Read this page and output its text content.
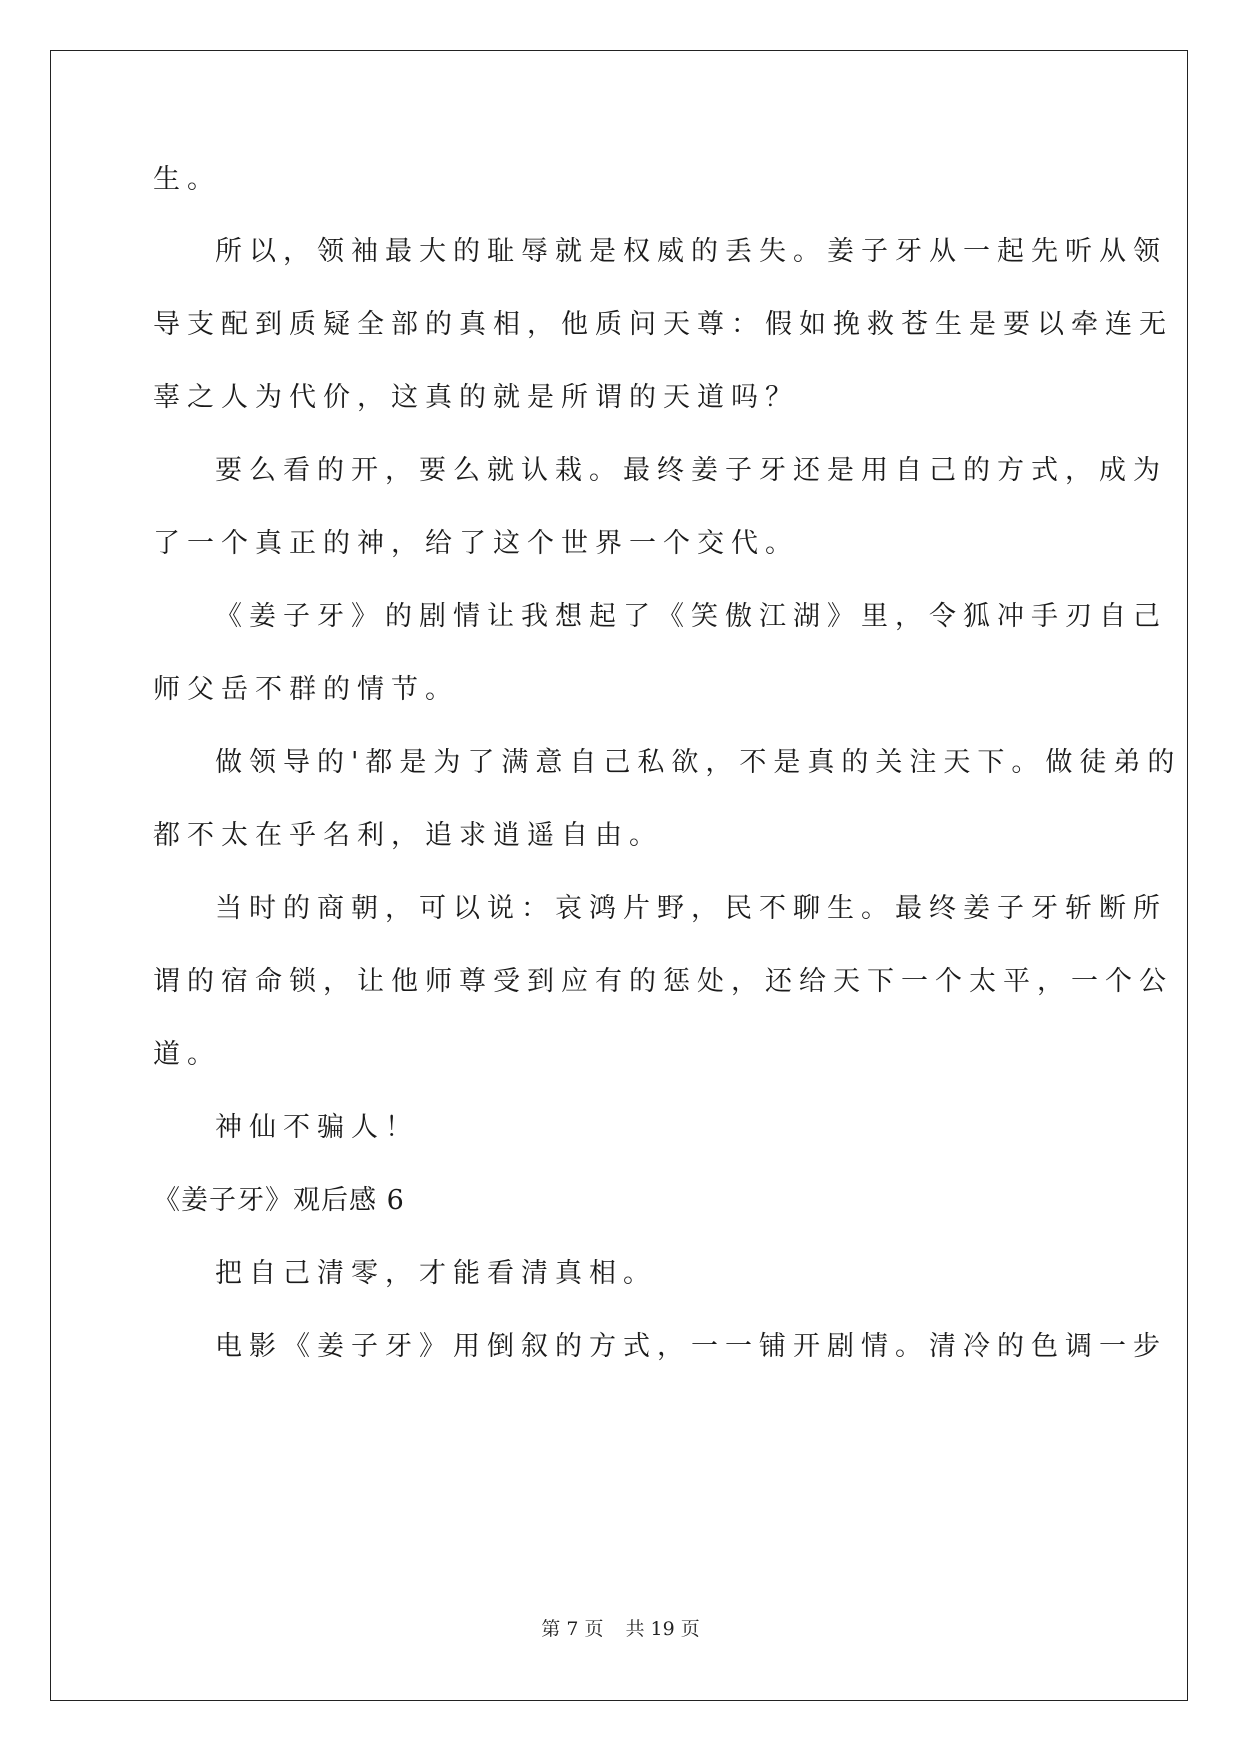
生。
所以，领袖最大的耻辱就是权威的丢失。姜子牙从一起先听从领
导支配到质疑全部的真相，他质问天尊：假如挽救苍生是要以牵连无
辜之人为代价，这真的就是所谓的天道吗？
要么看的开，要么就认栽。最终姜子牙还是用自己的方式，成为
了一个真正的神，给了这个世界一个交代。
《姜子牙》的剧情让我想起了《笑傲江湖》里，令狐冲手刃自己
师父岳不群的情节。
做领导的'都是为了满意自己私欲，不是真的关注天下。做徒弟的
都不太在乎名利，追求逍遥自由。
当时的商朝，可以说：哀鸿片野，民不聊生。最终姜子牙斩断所
谓的宿命锁，让他师尊受到应有的惩处，还给天下一个太平，一个公
道。
神仙不骗人！
《姜子牙》观后感 6
把自己清零，才能看清真相。
电影《姜子牙》用倒叙的方式，一一铺开剧情。清冷的色调一步
第 7 页 共 19 页
